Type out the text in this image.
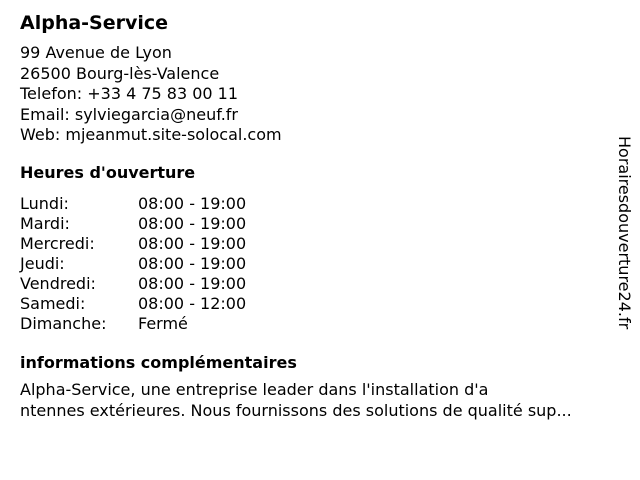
Alpha-Service
99 Avenue de Lyon
26500 Bourg-lès-Valence
Telefon: +33 4 75 83 00 11
Email: sylviegarcia@neuf.fr
Web: mjeanmut.site-solocal.com
Heures d'ouverture
Lundi:	08:00 - 19:00
Mardi:	08:00 - 19:00
Mercredi:	08:00 - 19:00
Jeudi:	08:00 - 19:00
Vendredi:	08:00 - 19:00
Samedi:	08:00 - 12:00
Dimanche:	Fermé
informations complémentaires
Alpha-Service, une entreprise leader dans l'installation d'a
ntennes extérieures. Nous fournissons des solutions de qualité sup...
Horairesdouverture24.fr
